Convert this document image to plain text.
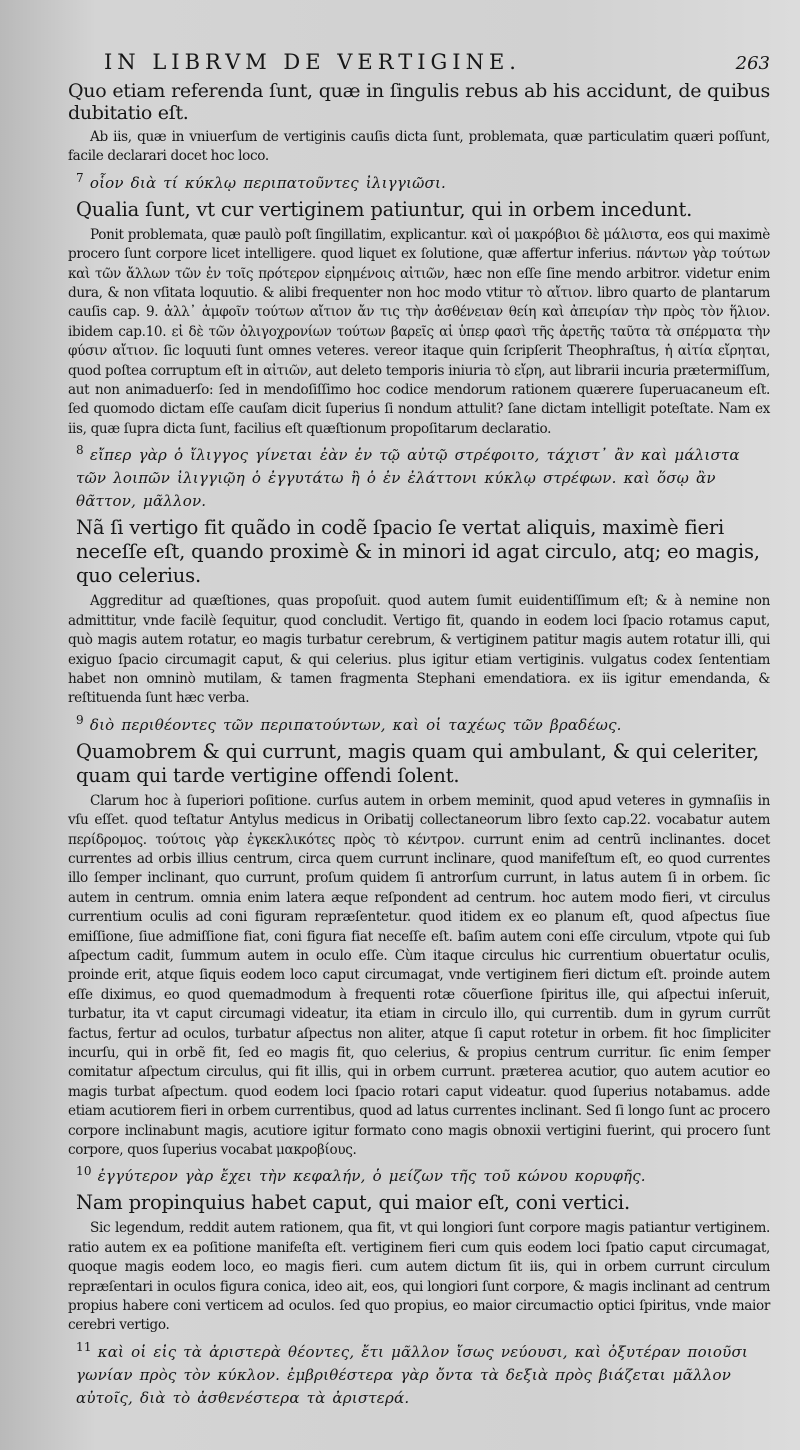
IN LIBRVM DE VERTIGINE.	263

Quo etiam referenda ſunt, quæ in ſingulis rebus ab his accidunt, de quibus dubitatio eſt.

Ab iis, quæ in vniuerſum de vertiginis cauſis dicta ſunt, problemata, quæ particulatim quæri poſſunt, facile declarari docet hoc loco.

$^7$ οἷον διὰ τί κύκλῳ περιπατοῦντες ἰλιγγιῶσι.

Qualia ſunt, vt cur vertiginem patiuntur, qui in orbem incedunt.

Ponit problemata, quæ paulò poſt ſingillatim, explicantur. καὶ οἱ μακρόβιοι δὲ μάλιστα, eos qui maximè procero ſunt corpore licet intelligere. quod liquet ex ſolutione, quæ affertur inferius. πάντων γὰρ τούτων καὶ τῶν ἄλλων τῶν ἐν τοῖς πρότερον εἰρημένοις αἰτιῶν, hæc non eſſe ſine mendo arbitror. videtur enim dura, & non vſitata loquutio. & alibi frequenter non hoc modo vtitur τὸ αἴτιον. libro quarto de plantarum cauſis cap. 9. ἀλλ᾽ ἀμφοῖν τούτων αἴτιον ἄν τις τὴν ἀσθένειαν θείη καὶ ἀπειρίαν τὴν πρὸς τὸν ἥλιον. ibidem cap.10. εἰ δὲ τῶν ὀλιγοχρονίων τούτων βαρεῖς αἱ ὑπερ φασὶ τῆς ἀρετῆς ταῦτα τὰ σπέρματα τὴν φύσιν αἴτιον. ſic loquuti ſunt omnes veteres. vereor itaque quin ſcripſerit Theophraſtus, ἡ αἰτία εἴρηται, quod poſtea corruptum eſt in αἰτιῶν, aut deleto temporis iniuria τὸ εἴρη, aut librarii incuria prætermiſſum, aut non animaduerſo: ſed in mendoſiſſimo hoc codice mendorum rationem quærere ſuperuacaneum eſt. ſed quomodo dictam eſſe cauſam dicit ſuperius ſi nondum attulit? ſane dictam intelligit poteſtate. Nam ex iis, quæ ſupra dicta ſunt, facilius eſt quæſtionum propoſitarum declaratio.

$^8$ εἴπερ γὰρ ὁ ἴλιγγος γίνεται ἐὰν ἐν τῷ αὐτῷ στρέφοιτο, τάχιστ᾽ ἂν καὶ μάλιστα τῶν λοιπῶν ἰλιγγιῷη ὁ ἐγγυτάτω ἢ ὁ ἐν ἐλάττονι κύκλῳ στρέφων. καὶ ὅσῳ ἂν θᾶττον, μᾶλλον.

Nã ſi vertigo fit quãdo in codẽ ſpacio ſe vertat aliquis, maximè fieri neceſſe eſt, quando proximè & in minori id agat circulo, atq; eo magis, quo celerius.

Aggreditur ad quæſtiones, quas propoſuit. quod autem ſumit euidentiſſimum eſt; & à nemine non admittitur, vnde facilè ſequitur, quod concludit. Vertigo fit, quando in eodem loci ſpacio rotamus caput, quò magis autem rotatur, eo magis turbatur cerebrum, & vertiginem patitur magis autem rotatur illi, qui exiguo ſpacio circumagit caput, & qui celerius. plus igitur etiam vertiginis. vulgatus codex ſententiam habet non omninò mutilam, & tamen fragmenta Stephani emendatiora. ex iis igitur emendanda, & reſtituenda ſunt hæc verba.

$^9$ διὸ περιθέοντες τῶν περιπατούντων, καὶ οἱ ταχέως τῶν βραδέως.

Quamobrem & qui currunt, magis quam qui ambulant, & qui celeriter, quam qui tarde vertigine offendi ſolent.

Clarum hoc à ſuperiori poſitione. curſus autem in orbem meminit, quod apud veteres in gymnaſiis in vſu eſſet. quod teſtatur Antylus medicus in Oribatij collectaneorum libro ſexto cap.22. vocabatur autem περίδρομος. τούτοις γὰρ ἐγκεκλικότες πρὸς τὸ κέντρον. currunt enim ad centrũ inclinantes. docet currentes ad orbis illius centrum, circa quem currunt inclinare, quod manifeſtum eſt, eo quod currentes illo ſemper inclinant, quo currunt, proſum quidem ſi antrorſum currunt, in latus autem ſi in orbem. ſic autem in centrum. omnia enim latera æque reſpondent ad centrum. hoc autem modo fieri, vt circulus currentium oculis ad coni figuram repræſentetur. quod itidem ex eo planum eſt, quod aſpectus ſiue emiſſione, ſiue admiſſione fiat, coni figura fiat neceſſe eſt. baſim autem coni eſſe circulum, vtpote qui ſub aſpectum cadit, ſummum autem in oculo eſſe. Cùm itaque circulus hic currentium obuertatur oculis, proinde erit, atque ſiquis eodem loco caput circumagat, vnde vertiginem fieri dictum eſt. proinde autem eſſe diximus, eo quod quemadmodum à frequenti rotæ cõuerſione ſpiritus ille, qui aſpectui inſeruit, turbatur, ita vt caput circumagi videatur, ita etiam in circulo illo, qui currentib. dum in gyrum currũt factus, fertur ad oculos, turbatur aſpectus non aliter, atque ſi caput rotetur in orbem. fit hoc ſimpliciter incurſu, qui in orbẽ fit, ſed eo magis fit, quo celerius, & propius centrum curritur. ſic enim ſemper comitatur aſpectum circulus, qui fit illis, qui in orbem currunt. præterea acutior, quo autem acutior eo magis turbat aſpectum. quod eodem loci ſpacio rotari caput videatur. quod ſuperius notabamus. adde etiam acutiorem fieri in orbem currentibus, quod ad latus currentes inclinant. Sed ſi longo ſunt ac procero corpore inclinabunt magis, acutiore igitur formato cono magis obnoxii vertigini fuerint, qui procero ſunt corpore, quos ſuperius vocabat μακροβίους.

$^{10}$ ἐγγύτερον γὰρ ἔχει τὴν κεφαλήν, ὁ μείζων τῆς τοῦ κώνου κορυφῆς.

Nam propinquius habet caput, qui maior eſt, coni vertici.

Sic legendum, reddit autem rationem, qua fit, vt qui longiori ſunt corpore magis patiantur vertiginem. ratio autem ex ea poſitione manifeſta eſt. vertiginem fieri cum quis eodem loci ſpatio caput circumagat, quoque magis eodem loco, eo magis fieri. cum autem dictum ſit iis, qui in orbem currunt circulum repræſentari in oculos figura conica, ideo ait, eos, qui longiori ſunt corpore, & magis inclinant ad centrum propius habere coni verticem ad oculos. ſed quo propius, eo maior circumactio optici ſpiritus, vnde maior cerebri vertigo.

$^{11}$ καὶ οἱ εἰς τὰ ἀριστερὰ θέοντες, ἔτι μᾶλλον ἴσως νεύουσι, καὶ ὀξυτέραν ποιοῦσι γωνίαν πρὸς τὸν κύκλον. ἐμβριθέστερα γὰρ ὄντα τὰ δεξιὰ πρὸς βιάζεται μᾶλλον αὐτοῖς, διὰ τὸ ἀσθενέστερα τὰ ἀριστερά.
